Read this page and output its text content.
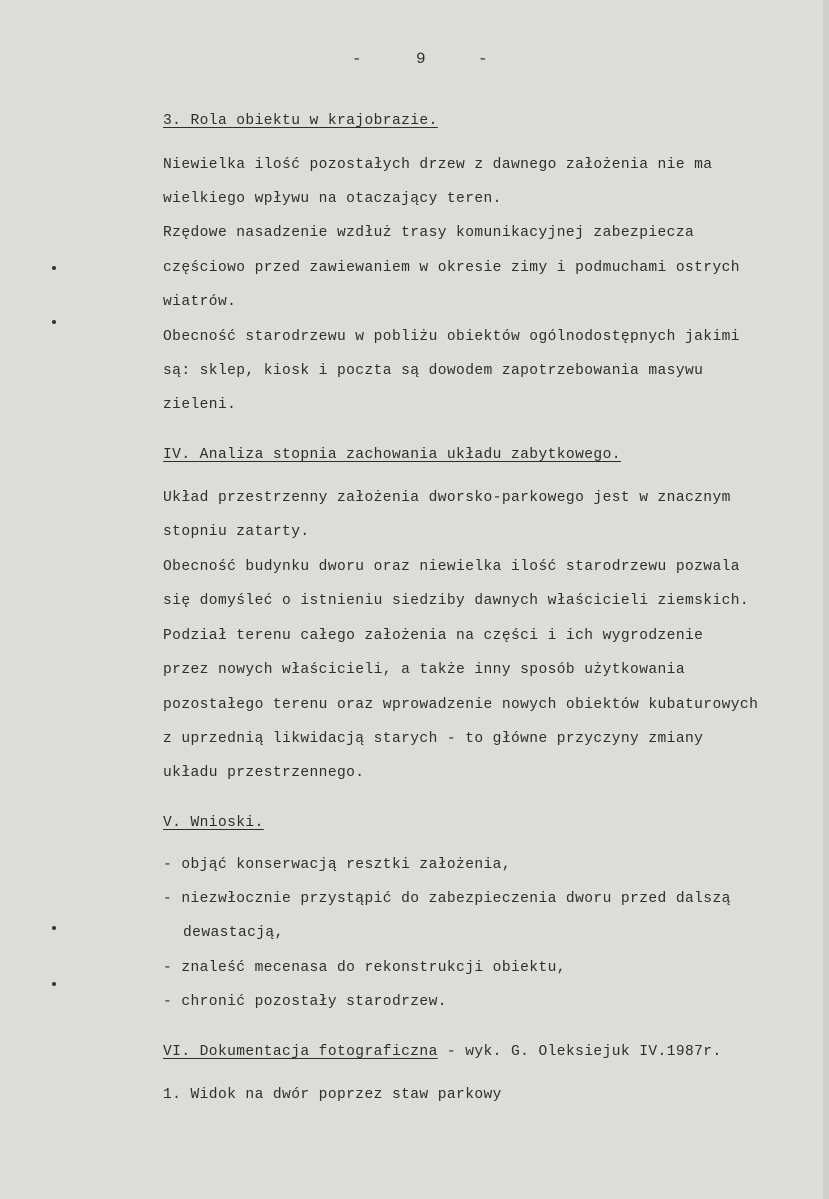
-	9	-
3. Rola obiektu w krajobrazie.
Niewielka ilość pozostałych drzew z dawnego założenia nie ma
wielkiego wpływu na otaczający teren.
Rzędowe nasadzenie wzdłuż trasy komunikacyjnej zabezpiecza
częściowo przed zawiewaniem w okresie zimy i podmuchami ostrych
wiatrów.
Obecność starodrzewu w pobliżu obiektów ogólnodostępnych jakimi
są: sklep, kiosk i poczta są dowodem zapotrzebowania masywu
zieleni.
IV. Analiza stopnia zachowania układu zabytkowego.
Układ przestrzenny założenia dworsko-parkowego jest w znacznym
stopniu zatarty.
Obecność budynku dworu oraz niewielka ilość starodrzewu pozwala
się domyśleć o istnieniu siedziby dawnych właścicieli ziemskich.
Podział terenu całego założenia na części i ich wygrodzenie
przez nowych właścicieli, a także inny sposób użytkowania
pozostałego terenu oraz wprowadzenie nowych obiektów kubaturowych
z uprzednią likwidacją starych - to główne przyczyny zmiany
układu przestrzennego.
V. Wnioski.
- objąć konserwacją resztki założenia,
- niezwłocznie przystąpić do zabezpieczenia dworu przed dalszą
dewastacją,
- znaleść mecenasa do rekonstrukcji obiektu,
- chronić pozostały starodrzew.
VI. Dokumentacja fotograficzna - wyk. G. Oleksiejuk IV.1987r.
1. Widok na dwór poprzez staw parkowy
